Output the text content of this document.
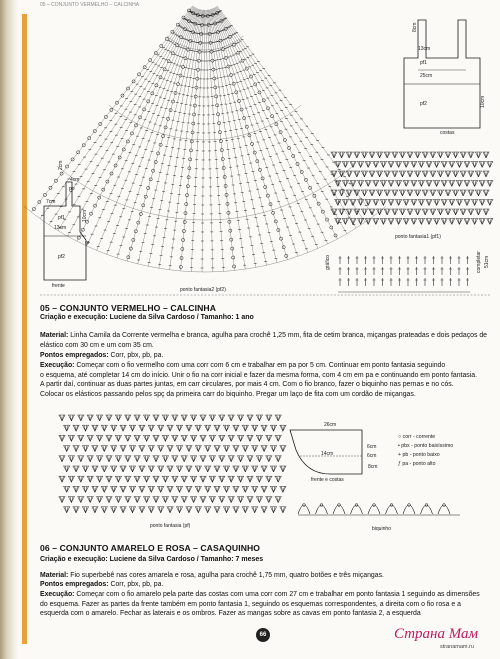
05 – CONJUNTO VERMELHO – CALCINHA
ponto fantasia2 (pf2)
7cm
2cm
4cm
pp
pf1
13cm
10cm
gr
pf2
frente
8cm
13cm
pf1
25cm
pf2	10cm
costas
ponto fantasia1 (pf1)
gráfico	completar 51cm
05 – CONJUNTO VERMELHO – CALCINHA
Criação e execução: Luciene da Silva Cardoso / Tamanho: 1 ano
Material: Linha Camila da Corrente vermelha e branca, agulha para crochê 1,25 mm, fita de cetim branca, miçangas prateadas e dois pedaços de elástico com 30 cm e um com 35 cm.
Pontos empregados: Corr, pbx, pb, pa.
Execução: Começar com o fio vermelho com uma corr com 6 cm e trabalhar em pa por 5 cm. Continuar em ponto fantasia seguindo
o esquema, até completar 14 cm do início. Unir o fio na corr inicial e fazer da mesma forma, com 4 cm em pa e continuando em ponto fantasia.
A partir daí, continuar as duas partes juntas, em carr circulares, por mais 4 cm. Com o fio branco, fazer o biquinho nas pernas e no cós.
Colocar os elásticos passando pelos spç da primeira carr do biquinho. Pregar um laço de fita com um cordão de miçangas.
ponto fantasia (pf)
26cm
6cm
14cm	6cm
8cm
frente e costas
biquinho
○ corr - corrente
• pbx - ponto baixíssimo
+ pb - ponto baixo
ƒ pa - ponto alto
06 – CONJUNTO AMARELO E ROSA – CASAQUINHO
Criação e execução: Luciene da Silva Cardoso / Tamanho: 7 meses
Material: Fio superbebê nas cores amarela e rosa, agulha para crochê 1,75 mm, quatro botões e três miçangas.
Pontos empregados: Corr, pbx, pb, pa.
Execução: Começar com o fio amarelo pela parte das costas com uma corr com 27 cm e trabalhar em ponto fantasia 1 seguindo as dimensões
do esquema. Fazer as partes da frente também em ponto fantasia 1, seguindo os esquemas correspondentes, a direita com o fio rosa e a
esquerda com o amarelo. Fechar as laterais e os ombros. Fazer as mangas sobre as cavas em ponto fantasia 2, a esquerda
66	Страна Мам
stranamam.ru
